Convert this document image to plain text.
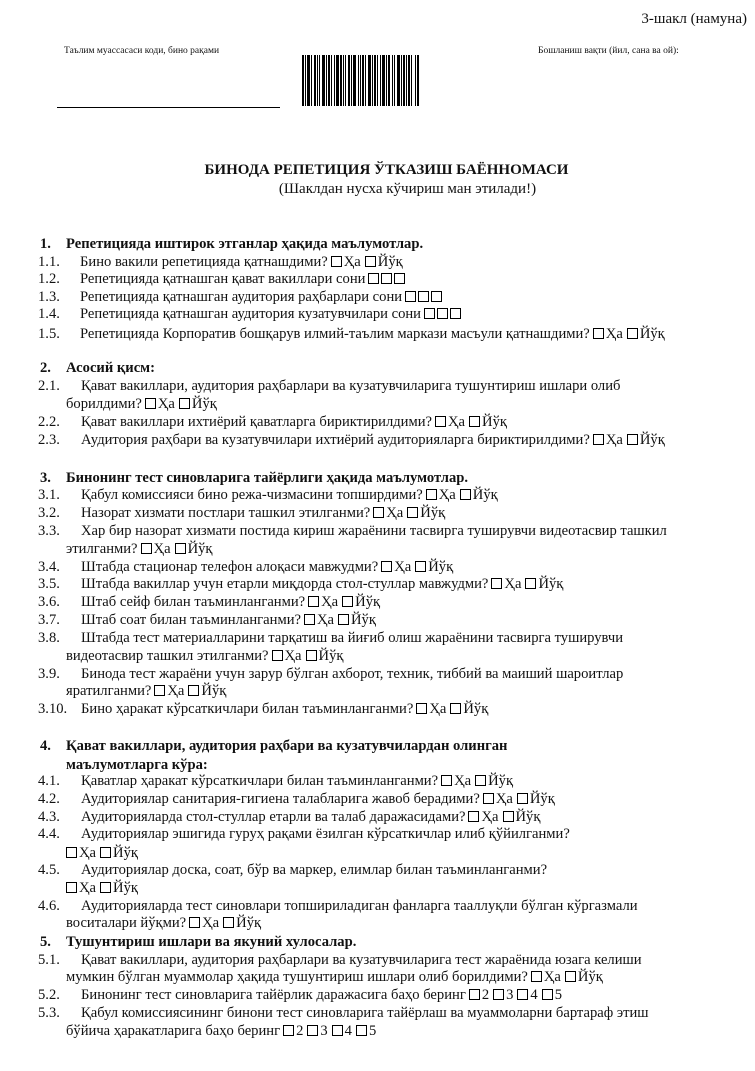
3-шакл (намуна)
Таълим муассасаси коди, бино рақами	Бошланиш вақти (йил, сана ва ой):
БИНОДА РЕПЕТИЦИЯ ЎТКАЗИШ БАЁННОМАСИ
(Шаклдан нусха кўчириш ман этилади!)
1. Репетицияда иштирок этганлар ҳақида маълумотлар.
1.1. Бино вакили репетицияда қатнашдими? Ҳа Йўқ
1.2. Репетицияда қатнашган қават вакиллари сони
1.3. Репетицияда қатнашган аудитория раҳбарлари сони
1.4. Репетицияда қатнашган аудитория кузатувчилари сони
1.5. Репетицияда Корпоратив бошқарув илмий-таълим маркази масъули қатнашдими? Ҳа Йўқ
2. Асосий қисм:
2.1. Қават вакиллари, аудитория раҳбарлари ва кузатувчиларига тушунтириш ишлари олиб
борилдими? Ҳа Йўқ
2.2. Қават вакиллари ихтиёрий қаватларга бириктирилдими? Ҳа Йўқ
2.3. Аудитория раҳбари ва кузатувчилари ихтиёрий аудиторияларга бириктирилдими? Ҳа Йўқ
3. Бинонинг тест синовларига тайёрлиги ҳақида маълумотлар.
3.1. Қабул комиссияси бино режа-чизмасини топширдими? Ҳа Йўқ
3.2. Назорат хизмати постлари ташкил этилганми? Ҳа Йўқ
3.3. Хар бир назорат хизмати постида кириш жараёнини тасвирга туширувчи видеотасвир ташкил
этилганми? Ҳа Йўқ
3.4. Штабда стационар телефон алоқаси мавжудми? Ҳа Йўқ
3.5. Штабда вакиллар учун етарли миқдорда стол-стуллар мавжудми? Ҳа Йўқ
3.6. Штаб сейф билан таъминланганми? Ҳа Йўқ
3.7. Штаб соат билан таъминланганми? Ҳа Йўқ
3.8. Штабда тест материалларини тарқатиш ва йиғиб олиш жараёнини тасвирга туширувчи
видеотасвир ташкил этилганми? Ҳа Йўқ
3.9. Бинода тест жараёни учун зарур бўлган ахборот, техник, тиббий ва маиший шароитлар
яратилганми? Ҳа Йўқ
3.10. Бино ҳаракат кўрсаткичлари билан таъминланганми? Ҳа Йўқ
4. Қават вакиллари, аудитория раҳбари ва кузатувчилардан олинган
маълумотларга кўра:
4.1. Қаватлар ҳаракат кўрсаткичлари билан таъминланганми? Ҳа Йўқ
4.2. Аудиториялар санитария-гигиена талабларига жавоб берадими? Ҳа Йўқ
4.3. Аудиторияларда стол-стуллар етарли ва талаб даражасидами? Ҳа Йўқ
4.4. Аудиториялар эшигида гуруҳ рақами ёзилган кўрсаткичлар илиб қўйилганми?
Ҳа Йўқ
4.5. Аудиториялар доска, соат, бўр ва маркер, елимлар билан таъминланганми?
Ҳа Йўқ
4.6. Аудиторияларда тест синовлари топшириладиган фанларга тааллуқли бўлган кўргазмали
воситалари йўқми? Ҳа Йўқ
5. Тушунтириш ишлари ва якуний хулосалар.
5.1. Қават вакиллари, аудитория раҳбарлари ва кузатувчиларига тест жараёнида юзага келиши
мумкин бўлган муаммолар ҳақида тушунтириш ишлари олиб борилдими? Ҳа Йўқ
5.2. Бинонинг тест синовларига тайёрлик даражасига баҳо беринг 2 3 4 5
5.3. Қабул комиссиясининг бинони тест синовларига тайёрлаш ва муаммоларни бартараф этиш
бўйича ҳаракатларига баҳо беринг 2 3 4 5
